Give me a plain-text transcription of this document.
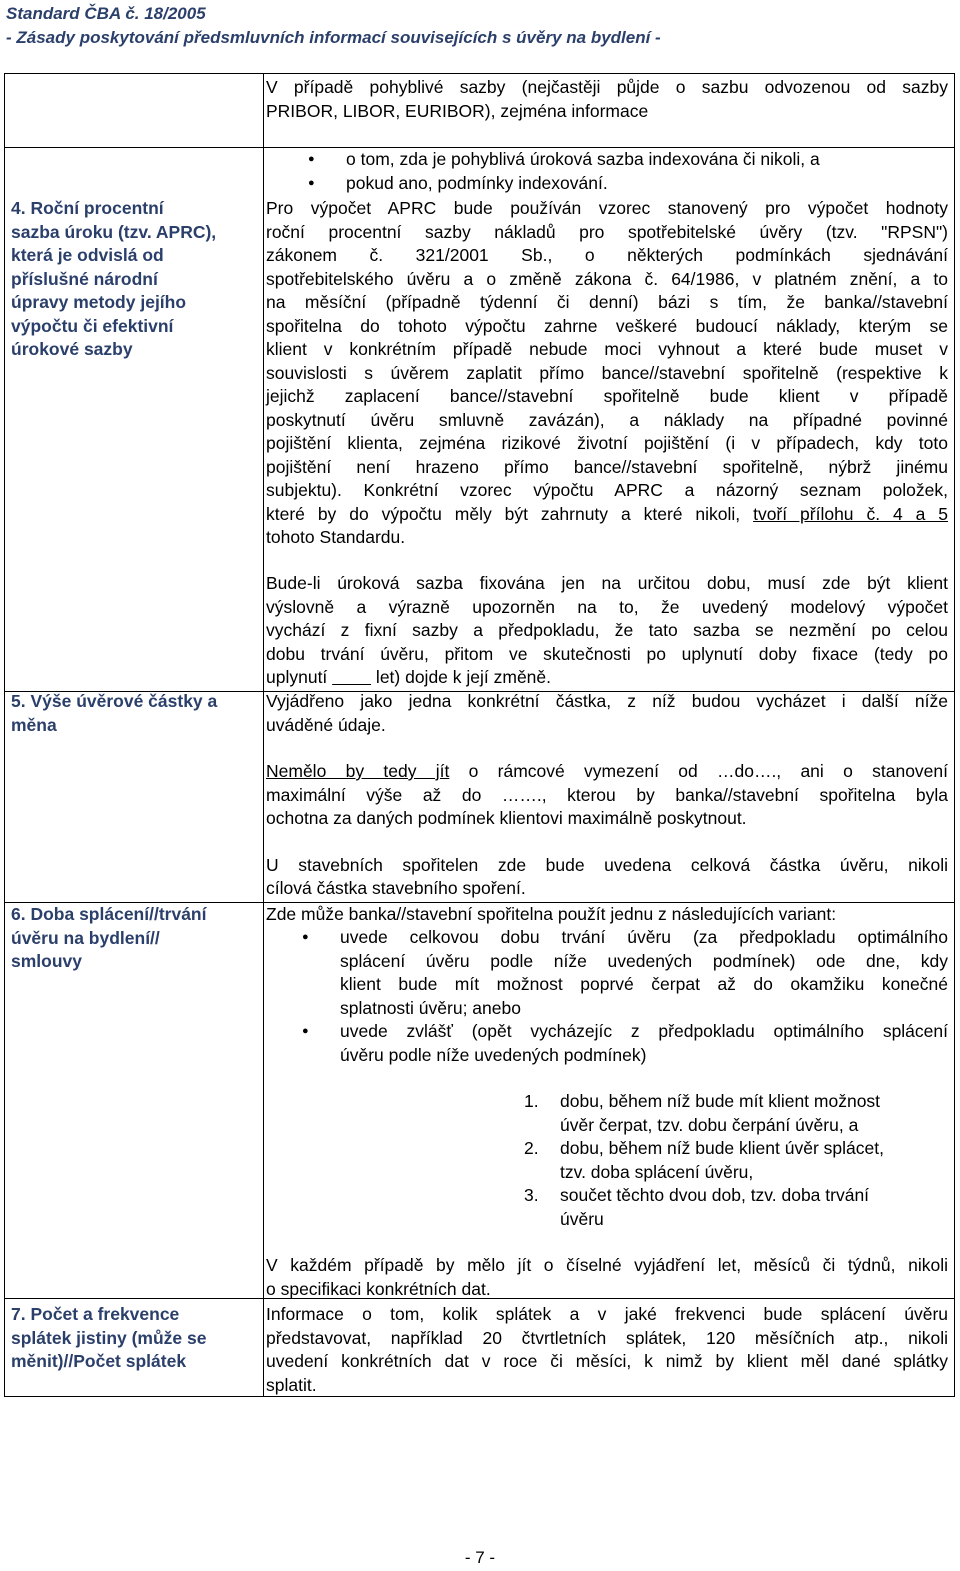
Standard ČBA č. 18/2005
- Zásady poskytování předsmluvních informací souvisejících s úvěry na bydlení -
V případě pohyblivé sazby (nejčastěji půjde o sazbu odvozenou od sazby
PRIBOR, LIBOR, EURIBOR), zejména informace
4. Roční procentní
sazba úroku (tzv. APRC),
která je odvislá od
příslušné národní
úpravy metody jejího
výpočtu či efektivní
úrokové sazby
● o tom, zda je pohyblivá úroková sazba indexována či nikoli, a
● pokud ano, podmínky indexování.
Pro výpočet APRC bude používán vzorec stanovený pro výpočet hodnoty
roční procentní sazby nákladů pro spotřebitelské úvěry (tzv. "RPSN")
zákonem č. 321/2001 Sb., o některých podmínkách sjednávání
spotřebitelského úvěru a o změně zákona č. 64/1986, v platném znění, a to
na měsíční (případně týdenní či denní) bázi s tím, že banka//stavební
spořitelna do tohoto výpočtu zahrne veškeré budoucí náklady, kterým se
klient v konkrétním případě nebude moci vyhnout a které bude muset v
souvislosti s úvěrem zaplatit přímo bance//stavební spořitelně (respektive k
jejichž zaplacení bance//stavební spořitelně bude klient v případě
poskytnutí úvěru smluvně zavázán), a náklady na případné povinné
pojištění klienta, zejména rizikové životní pojištění (i v případech, kdy toto
pojištění není hrazeno přímo bance//stavební spořitelně, nýbrž jinému
subjektu). Konkrétní vzorec výpočtu APRC a názorný seznam položek,
které by do výpočtu měly být zahrnuty a které nikoli, tvoří přílohu č. 4 a 5
tohoto Standardu.
Bude-li úroková sazba fixována jen na určitou dobu, musí zde být klient
výslovně a výrazně upozorněn na to, že uvedený modelový výpočet
vychází z fixní sazby a předpokladu, že tato sazba se nezmění po celou
dobu trvání úvěru, přitom ve skutečnosti po uplynutí doby fixace (tedy po
uplynutí          let) dojde k její změně.
5. Výše úvěrové částky a
měna
Vyjádřeno jako jedna konkrétní částka, z níž budou vycházet i další níže
uváděné údaje.
Nemělo by tedy jít o rámcové vymezení od …do…., ani o stanovení
maximální výše až do ……., kterou by banka//stavební spořitelna byla
ochotna za daných podmínek klientovi maximálně poskytnout.
U stavebních spořitelen zde bude uvedena celková částka úvěru, nikoli
cílová částka stavebního spoření.
6. Doba splácení//trvání
úvěru na bydlení//
smlouvy
Zde může banka//stavební spořitelna použít jednu z následujících variant:
● uvede celkovou dobu trvání úvěru (za předpokladu optimálního
splácení úvěru podle níže uvedených podmínek) ode dne, kdy
klient bude mít možnost poprvé čerpat až do okamžiku konečné
splatnosti úvěru; anebo
● uvede zvlášť (opět vycházejíc z předpokladu optimálního splácení
úvěru podle níže uvedených podmínek)
1. dobu, během níž bude mít klient možnost
úvěr čerpat, tzv. dobu čerpání úvěru, a
2. dobu, během níž bude klient úvěr splácet,
tzv. doba splácení úvěru,
3. součet těchto dvou dob, tzv. doba trvání
úvěru
V každém případě by mělo jít o číselné vyjádření let, měsíců či týdnů, nikoli
o specifikaci konkrétních dat.
7. Počet a frekvence
splátek jistiny (může se
měnit)//Počet splátek
Informace o tom, kolik splátek a v jaké frekvenci bude splácení úvěru
představovat, například 20 čtvrtletních splátek, 120 měsíčních atp., nikoli
uvedení konkrétních dat v roce či měsíci, k nimž by klient měl dané splátky
splatit.
- 7 -
